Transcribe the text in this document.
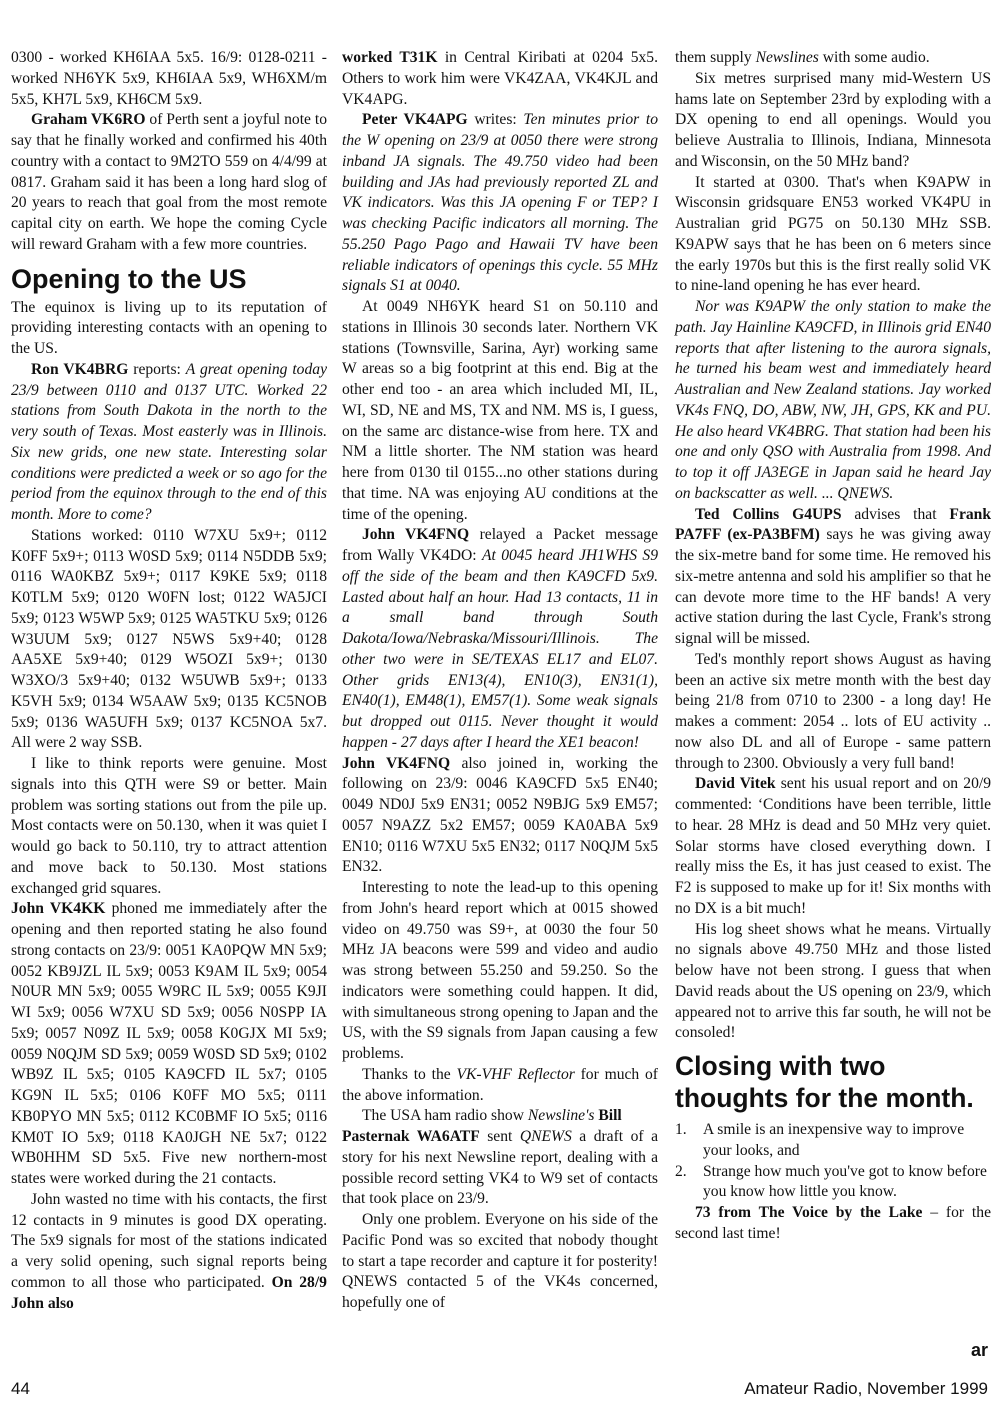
0300 - worked KH6IAA 5x5. 16/9: 0128-0211 - worked NH6YK 5x9, KH6IAA 5x9, WH6XM/m 5x5, KH7L 5x9, KH6CM 5x9.

Graham VK6RO of Perth sent a joyful note to say that he finally worked and confirmed his 40th country with a contact to 9M2TO 559 on 4/4/99 at 0817. Graham said it has been a long hard slog of 20 years to reach that goal from the most remote capital city on earth. We hope the coming Cycle will reward Graham with a few more countries.

Opening to the US

The equinox is living up to its reputation of providing interesting contacts with an opening to the US.

Ron VK4BRG reports: A great opening today 23/9 between 0110 and 0137 UTC. Worked 22 stations from South Dakota in the north to the very south of Texas. Most easterly was in Illinois. Six new grids, one new state. Interesting solar conditions were predicted a week or so ago for the period from the equinox through to the end of this month. More to come?

Stations worked: 0110 W7XU 5x9+; 0112 K0FF 5x9+; 0113 W0SD 5x9; 0114 N5DDB 5x9; 0116 WA0KBZ 5x9+; 0117 K9KE 5x9; 0118 K0TLM 5x9; 0120 W0FN lost; 0122 WA5JCI 5x9; 0123 W5WP 5x9; 0125 WA5TKU 5x9; 0126 W3UUM 5x9; 0127 N5WS 5x9+40; 0128 AA5XE 5x9+40; 0129 W5OZI 5x9+; 0130 W3XO/3 5x9+40; 0132 W5UWB 5x9+; 0133 K5VH 5x9; 0134 W5AAW 5x9; 0135 KC5NOB 5x9; 0136 WA5UFH 5x9; 0137 KC5NOA 5x7. All were 2 way SSB.

I like to think reports were genuine. Most signals into this QTH were S9 or better. Main problem was sorting stations out from the pile up. Most contacts were on 50.130, when it was quiet I would go back to 50.110, try to attract attention and move back to 50.130. Most stations exchanged grid squares.

John VK4KK phoned me immediately after the opening and then reported stating he also found strong contacts on 23/9: 0051 KA0PQW MN 5x9; 0052 KB9JZL IL 5x9; 0053 K9AM IL 5x9; 0054 N0UR MN 5x9; 0055 W9RC IL 5x9; 0055 K9JI WI 5x9; 0056 W7XU SD 5x9; 0056 N0SPP IA 5x9; 0057 N09Z IL 5x9; 0058 K0GJX MI 5x9; 0059 N0QJM SD 5x9; 0059 W0SD SD 5x9; 0102 WB9Z IL 5x5; 0105 KA9CFD IL 5x7; 0105 KG9N IL 5x5; 0106 K0FF MO 5x5; 0111 KB0PYO MN 5x5; 0112 KC0BMF IO 5x5; 0116 KM0T IO 5x9; 0118 KA0JGH NE 5x7; 0122 WB0HHM SD 5x5. Five new northern-most states were worked during the 21 contacts.

John wasted no time with his contacts, the first 12 contacts in 9 minutes is good DX operating. The 5x9 signals for most of the stations indicated a very solid opening, such signal reports being common to all those who participated. On 28/9 John also

worked T31K in Central Kiribati at 0204 5x5. Others to work him were VK4ZAA, VK4KJL and VK4APG.

Peter VK4APG writes: Ten minutes prior to the W opening on 23/9 at 0050 there were strong inband JA signals. The 49.750 video had been building and JAs had previously reported ZL and VK indicators. Was this JA opening F or TEP? I was checking Pacific indicators all morning. The 55.250 Pago Pago and Hawaii TV have been reliable indicators of openings this cycle. 55 MHz signals S1 at 0040.

At 0049 NH6YK heard S1 on 50.110 and stations in Illinois 30 seconds later. Northern VK stations (Townsville, Sarina, Ayr) working same W areas so a big footprint at this end. Big at the other end too - an area which included MI, IL, WI, SD, NE and MS, TX and NM. MS is, I guess, on the same arc distance-wise from here. TX and NM a little shorter. The NM station was heard here from 0130 til 0155...no other stations during that time. NA was enjoying AU conditions at the time of the opening.

John VK4FNQ relayed a Packet message from Wally VK4DO: At 0045 heard JH1WHS S9 off the side of the beam and then KA9CFD 5x9. Lasted about half an hour. Had 13 contacts, 11 in a small band through South Dakota/Iowa/Nebraska/Missouri/Illinois. The other two were in SE/TEXAS EL17 and EL07. Other grids EN13(4), EN10(3), EN31(1), EN40(1), EM48(1), EM57(1). Some weak signals but dropped out 0115. Never thought it would happen - 27 days after I heard the XE1 beacon!

John VK4FNQ also joined in, working the following on 23/9: 0046 KA9CFD 5x5 EN40; 0049 ND0J 5x9 EN31; 0052 N9BJG 5x9 EM57; 0057 N9AZZ 5x2 EM57; 0059 KA0ABA 5x9 EN10; 0116 W7XU 5x5 EN32; 0117 N0QJM 5x5 EN32.

Interesting to note the lead-up to this opening from John's heard report which at 0015 showed video on 49.750 was S9+, at 0030 the four 50 MHz JA beacons were 599 and video and audio was strong between 55.250 and 59.250. So the indicators were something could happen. It did, with simultaneous strong opening to Japan and the US, with the S9 signals from Japan causing a few problems.

Thanks to the VK-VHF Reflector for much of the above information.

The USA ham radio show Newsline's Bill
Pasternak WA6ATF sent QNEWS a draft of a story for his next Newsline report, dealing with a possible record setting VK4 to W9 set of contacts that took place on 23/9.

Only one problem. Everyone on his side of the Pacific Pond was so excited that nobody thought to start a tape recorder and capture it for posterity! QNEWS contacted 5 of the VK4s concerned, hopefully one of

them supply Newslines with some audio.

Six metres surprised many mid-Western US hams late on September 23rd by exploding with a DX opening to end all openings. Would you believe Australia to Illinois, Indiana, Minnesota and Wisconsin, on the 50 MHz band?

It started at 0300. That's when K9APW in Wisconsin gridsquare EN53 worked VK4PU in Australian grid PG75 on 50.130 MHz SSB. K9APW says that he has been on 6 meters since the early 1970s but this is the first really solid VK to nine-land opening he has ever heard.

Nor was K9APW the only station to make the path. Jay Hainline KA9CFD, in Illinois grid EN40 reports that after listening to the aurora signals, he turned his beam west and immediately heard Australian and New Zealand stations. Jay worked VK4s FNQ, DO, ABW, NW, JH, GPS, KK and PU. He also heard VK4BRG. That station had been his one and only QSO with Australia from 1998. And to top it off JA3EGE in Japan said he heard Jay on backscatter as well. ... QNEWS.

Ted Collins G4UPS advises that Frank PA7FF (ex-PA3BFM) says he was giving away the six-metre band for some time. He removed his six-metre antenna and sold his amplifier so that he can devote more time to the HF bands! A very active station during the last Cycle, Frank's strong signal will be missed.

Ted's monthly report shows August as having been an active six metre month with the best day being 21/8 from 0710 to 2300 - a long day! He makes a comment: 2054 .. lots of EU activity .. now also DL and all of Europe - same pattern through to 2300. Obviously a very full band!

David Vitek sent his usual report and on 20/9 commented: ‘Conditions have been terrible, little to hear. 28 MHz is dead and 50 MHz very quiet. Solar storms have closed everything down. I really miss the Es, it has just ceased to exist. The F2 is supposed to make up for it! Six months with no DX is a bit much!

His log sheet shows what he means. Virtually no signals above 49.750 MHz and those listed below have not been strong. I guess that when David reads about the US opening on 23/9, which appeared not to arrive this far south, he will not be consoled!

Closing with two thoughts for the month.
1. A smile is an inexpensive way to improve your looks, and
2. Strange how much you've got to know before you know how little you know.

73 from The Voice by the Lake – for the second last time!

ar
44	Amateur Radio, November 1999
